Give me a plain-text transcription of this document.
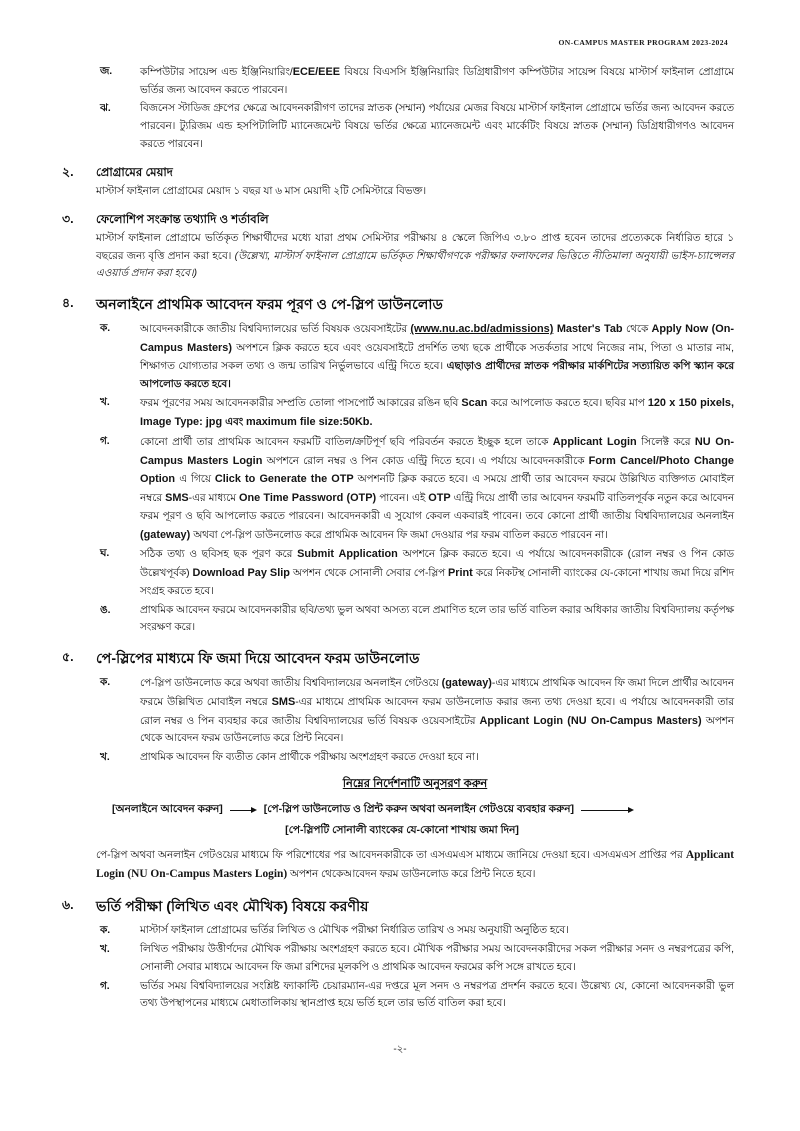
ON-CAMPUS MASTER PROGRAM 2023-2024
জ.	কম্পিউটার সায়েন্স এন্ড ইঞ্জিনিয়ারিং/ECE/EEE বিষয়ে বিএসসি ইঞ্জিনিয়ারিং ডিগ্রিধারীগণ কম্পিউটার সায়েন্স বিষয়ে মাস্টার্স ফাইনাল প্রোগ্রামে ভর্তির জন্য আবেদন করতে পারবেন।

ঝ.	বিজনেস স্টাডিজ গ্রুপের ক্ষেত্রে আবেদনকারীগণ তাদের স্নাতক (সম্মান) পর্যায়ের মেজর বিষয়ে মাস্টার্স ফাইনাল প্রোগ্রামে ভর্তির জন্য আবেদন করতে পারবেন। ট্যুরিজম এন্ড হসপিটালিটি ম্যানেজমেন্ট বিষয়ে ভর্তির ক্ষেত্রে ম্যানেজমেন্ট এবং মার্কেটিং বিষয়ে স্নাতক (সম্মান) ডিগ্রিধারীগণও আবেদন করতে পারবেন।

২.	প্রোগ্রামের মেয়াদ

মাস্টার্স ফাইনাল প্রোগ্রামের মেয়াদ ১ বছর যা ৬ মাস মেয়াদী ২টি সেমিস্টারে বিভক্ত।

৩.	ফেলোশিপ সংক্রান্ত তথ্যাদি ও শর্তাবলি

মাস্টার্স ফাইনাল প্রোগ্রামে ভর্তিকৃত শিক্ষার্থীদের মধ্যে যারা প্রথম সেমিস্টার পরীক্ষায় ৪ স্কেলে জিপিএ ৩.৮০ প্রাপ্ত হবেন তাদের প্রত্যেককে নির্ধারিত হারে ১ বছরের জন্য বৃত্তি প্রদান করা হবে। (উল্লেখ্য, মাস্টার্স ফাইনাল প্রোগ্রামে ভর্তিকৃত শিক্ষার্থীগণকে পরীক্ষার ফলাফলের ভিত্তিতে নীতিমালা অনুযায়ী ভাইস-চ্যান্সেলর এওয়ার্ড প্রদান করা হবে।)

৪.	অনলাইনে প্রাথমিক আবেদন ফরম পূরণ ও পে-স্লিপ ডাউনলোড
ক.	আবেদনকারীকে জাতীয় বিশ্ববিদ্যালয়ের ভর্তি বিষয়ক ওয়েবসাইটের (www.nu.ac.bd/admissions) Master's Tab থেকে Apply Now (On-Campus Masters) অপশনে ক্লিক করতে হবে এবং ওয়েবসাইটে প্রদর্শিত তথ্য ছকে প্রার্থীকে সতর্কতার সাথে নিজের নাম, পিতা ও মাতার নাম, শিক্ষাগত যোগ্যতার সকল তথ্য ও জন্ম তারিখ নির্ভুলভাবে এন্ট্রি দিতে হবে। এছাড়াও প্রার্থীদের স্নাতক পরীক্ষার মার্কশিটের সত্যায়িত কপি স্ক্যান করে আপলোড করতে হবে।

খ.	ফরম পূরণের সময় আবেদনকারীর সম্প্রতি তোলা পাসপোর্ট আকারের রঙিন ছবি Scan করে আপলোড করতে হবে। ছবির মাপ 120 x 150 pixels, Image Type: jpg এবং maximum file size:50Kb.

গ.	কোনো প্রার্থী তার প্রাথমিক আবেদন ফরমটি বাতিল/ক্রটিপূর্ণ ছবি পরিবর্তন করতে ইচ্ছুক হলে তাকে Applicant Login সিলেক্ট করে NU On-Campus Masters Login অপশনে রোল নম্বর ও পিন কোড এন্ট্রি দিতে হবে। এ পর্যায়ে আবেদনকারীকে Form Cancel/Photo Change Option এ গিয়ে Click to Generate the OTP অপশনটি ক্লিক করতে হবে। এ সময়ে প্রার্থী তার আবেদন ফরমে উল্লিখিত ব্যক্তিগত মোবাইল নম্বরে SMS-এর মাধ্যমে One Time Password (OTP) পাবেন। এই OTP এন্ট্রি দিয়ে প্রার্থী তার আবেদন ফরমটি বাতিলপূর্বক নতুন করে আবেদন ফরম পূরণ ও ছবি আপলোড করতে পারবেন। আবেদনকারী এ সুযোগ কেবল একবারই পাবেন। তবে কোনো প্রার্থী জাতীয় বিশ্ববিদ্যালয়ের অনলাইন (gateway) অথবা পে-স্লিপ ডাউনলোড করে প্রাথমিক আবেদন ফি জমা দেওয়ার পর ফরম বাতিল করতে পারবেন না।

ঘ.	সঠিক তথ্য ও ছবিসহ ছক পূরণ করে Submit Application অপশনে ক্লিক করতে হবে। এ পর্যায়ে আবেদনকারীকে (রোল নম্বর ও পিন কোড উল্লেখপূর্বক) Download Pay Slip অপশন থেকে সোনালী সেবার পে-স্লিপ Print করে নিকটস্থ সোনালী ব্যাংকের যে-কোনো শাখায় জমা দিয়ে রশিদ সংগ্রহ করতে হবে।

ঙ.	প্রাথমিক আবেদন ফরমে আবেদনকারীর ছবি/তথ্য ভুল অথবা অসত্য বলে প্রমাণিত হলে তার ভর্তি বাতিল করার অধিকার জাতীয় বিশ্ববিদ্যালয় কর্তৃপক্ষ সংরক্ষণ করে।

৫.	পে-স্লিপের মাধ্যমে ফি জমা দিয়ে আবেদন ফরম ডাউনলোড
ক.	পে-স্লিপ ডাউনলোড করে অথবা জাতীয় বিশ্ববিদ্যালয়ের অনলাইন গেটওয়ে (gateway)-এর মাধ্যমে প্রাথমিক আবেদন ফি জমা দিলে প্রার্থীর আবেদন ফরমে উল্লিখিত মোবাইল নম্বরে SMS-এর মাধ্যমে প্রাথমিক আবেদন ফরম ডাউনলোড করার জন্য তথ্য দেওয়া হবে। এ পর্যায়ে আবেদনকারী তার রোল নম্বর ও পিন ব্যবহার করে জাতীয় বিশ্ববিদ্যালয়ের ভর্তি বিষয়ক ওয়েবসাইটের Applicant Login (NU On-Campus Masters) অপশন থেকে আবেদন ফরম ডাউনলোড করে প্রিন্ট নিবেন।

খ.	প্রাথমিক আবেদন ফি ব্যতীত কোন প্রার্থীকে পরীক্ষায় অংশগ্রহণ করতে দেওয়া হবে না।

নিম্নের নির্দেশনাটি অনুসরণ করুন
[অনলাইনে আবেদন করুন]	[পে-স্লিপ ডাউনলোড ও প্রিন্ট করুন অথবা অনলাইন গেটওয়ে ব্যবহার করুন]
[পে-স্লিপটি সোনালী ব্যাংকের যে-কোনো শাখায় জমা দিন]

পে-স্লিপ অথবা অনলাইন গেটওয়ের মাধ্যমে ফি পরিশোধের পর আবেদনকারীকে তা এসএমএস মাধ্যমে জানিয়ে দেওয়া হবে। এসএমএস প্রাপ্তির পর Applicant Login (NU On-Campus Masters Login) অপশন থেকেআবেদন ফরম ডাউনলোড করে প্রিন্ট নিতে হবে।

৬.	ভর্তি পরীক্ষা (লিখিত এবং মৌখিক) বিষয়ে করণীয়
ক.	মাস্টার্স ফাইনাল প্রোগ্রামের ভর্তির লিখিত ও মৌখিক পরীক্ষা নির্ধারিত তারিখ ও সময় অনুযায়ী অনুষ্ঠিত হবে।

খ.	লিখিত পরীক্ষায় উত্তীর্ণদের মৌখিক পরীক্ষায় অংশগ্রহণ করতে হবে। মৌখিক পরীক্ষার সময় আবেদনকারীদের সকল পরীক্ষার সনদ ও নম্বরপত্রের কপি, সোনালী সেবার মাধ্যমে আবেদন ফি জমা রশিদের মূলকপি ও প্রাথমিক আবেদন ফরমের কপি সঙ্গে রাখতে হবে।

গ.	ভর্তির সময় বিশ্ববিদ্যালয়ের সংশ্লিষ্ট ফ্যাকাল্টি চেয়ারম্যান-এর দপ্তরে মূল সনদ ও নম্বরপত্র প্রদর্শন করতে হবে। উল্লেখ্য যে, কোনো আবেদনকারী ভুল তথ্য উপস্থাপনের মাধ্যমে মেধাতালিকায় স্থানপ্রাপ্ত হয়ে ভর্তি হলে তার ভর্তি বাতিল করা হবে।

-২-
